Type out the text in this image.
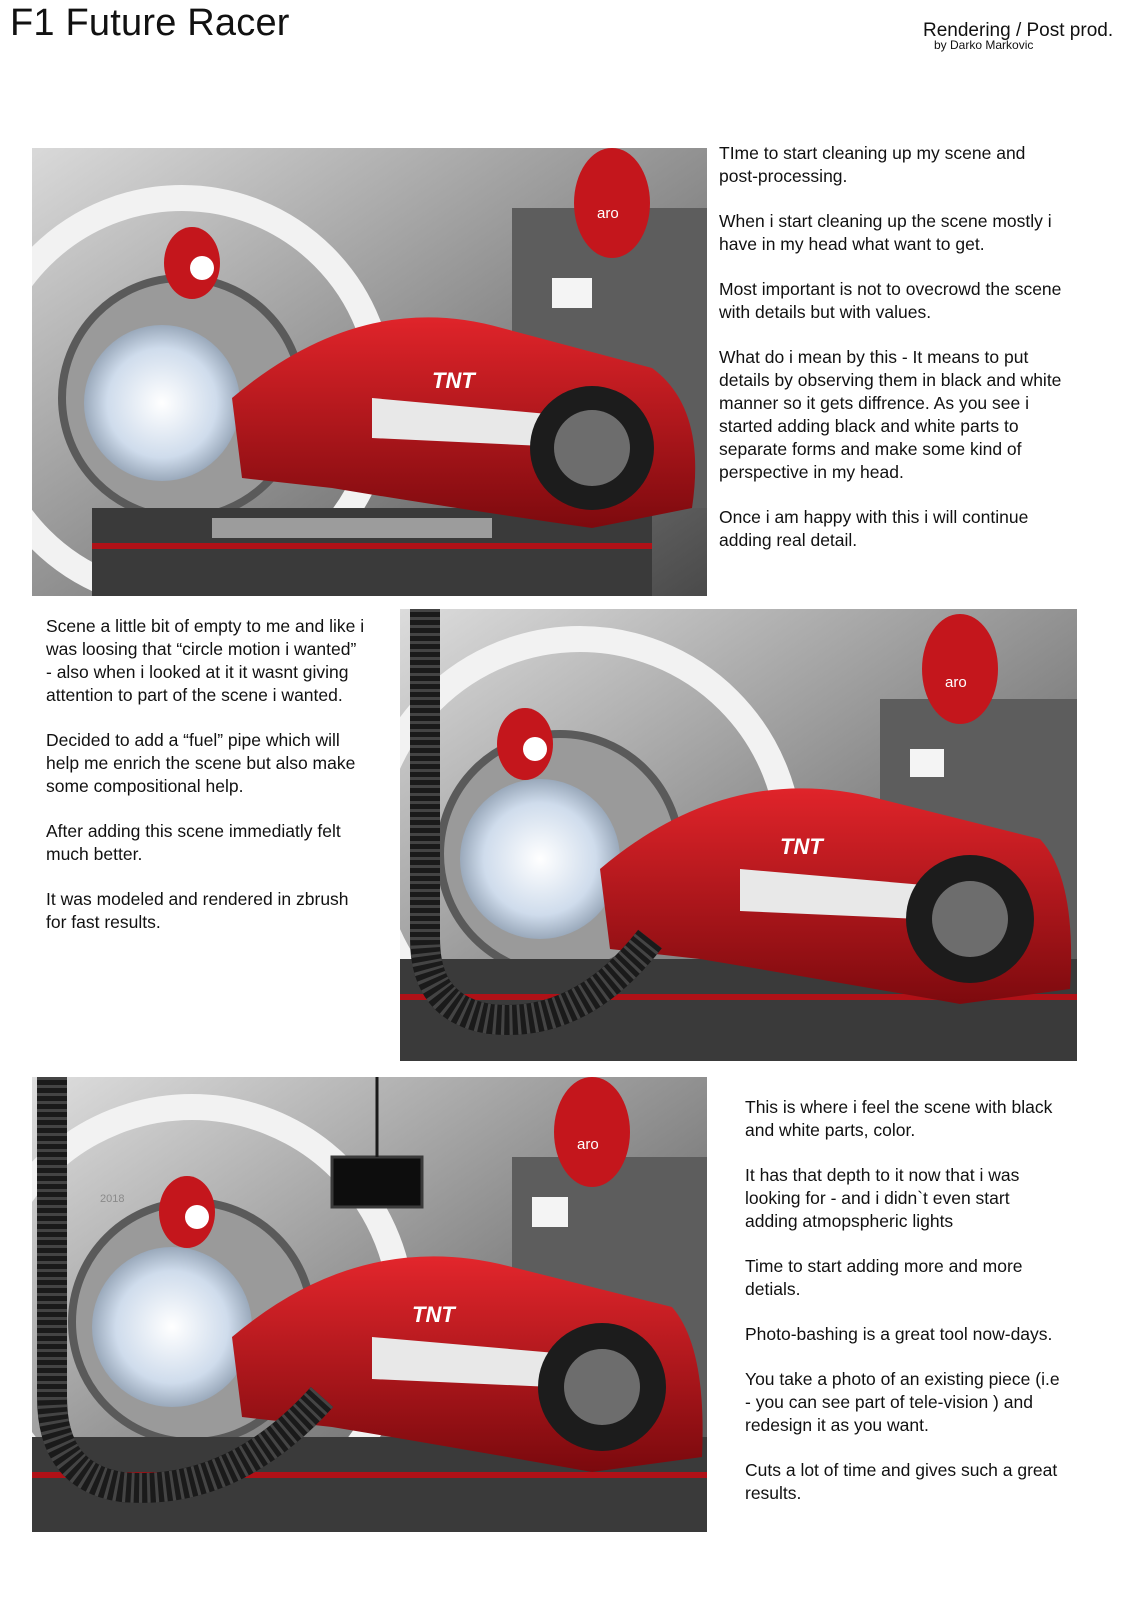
F1 Future Racer	Rendering / Post prod.
by Darko Markovic
TNT
aro

TIme to start cleaning up my scene and post-processing.

When i start cleaning up the scene mostly i have in my head what want to get.

Most important is not to ovecrowd the scene with details but with values.

What do i mean by this - It means to put details by observing them in black and white manner so it gets diffrence. As you see i started adding black and white parts to separate forms and make some kind of perspective in my head.

Once i am happy with this i will continue adding real detail.

Scene a little bit of empty to me and like i was loosing that “circle motion i wanted” - also when i looked at it it wasnt giving attention to part of the scene i wanted.

Decided to add a “fuel” pipe which will help me enrich the scene but also make some compositional help.

After adding this scene immediatly felt much better.

It was modeled and rendered in zbrush for fast results.

TNT
aro
TNT
aro
2018

This is where i feel the scene with black and white parts, color.

It has that depth to it now that i was looking for - and i didn`t even start adding atmopspheric lights

Time to start adding more and more detials.

Photo-bashing is a great tool now-days.

You take a photo of an existing piece (i.e - you can see part of tele-vision ) and redesign it as you want.

Cuts a lot of time and gives such a great results.
